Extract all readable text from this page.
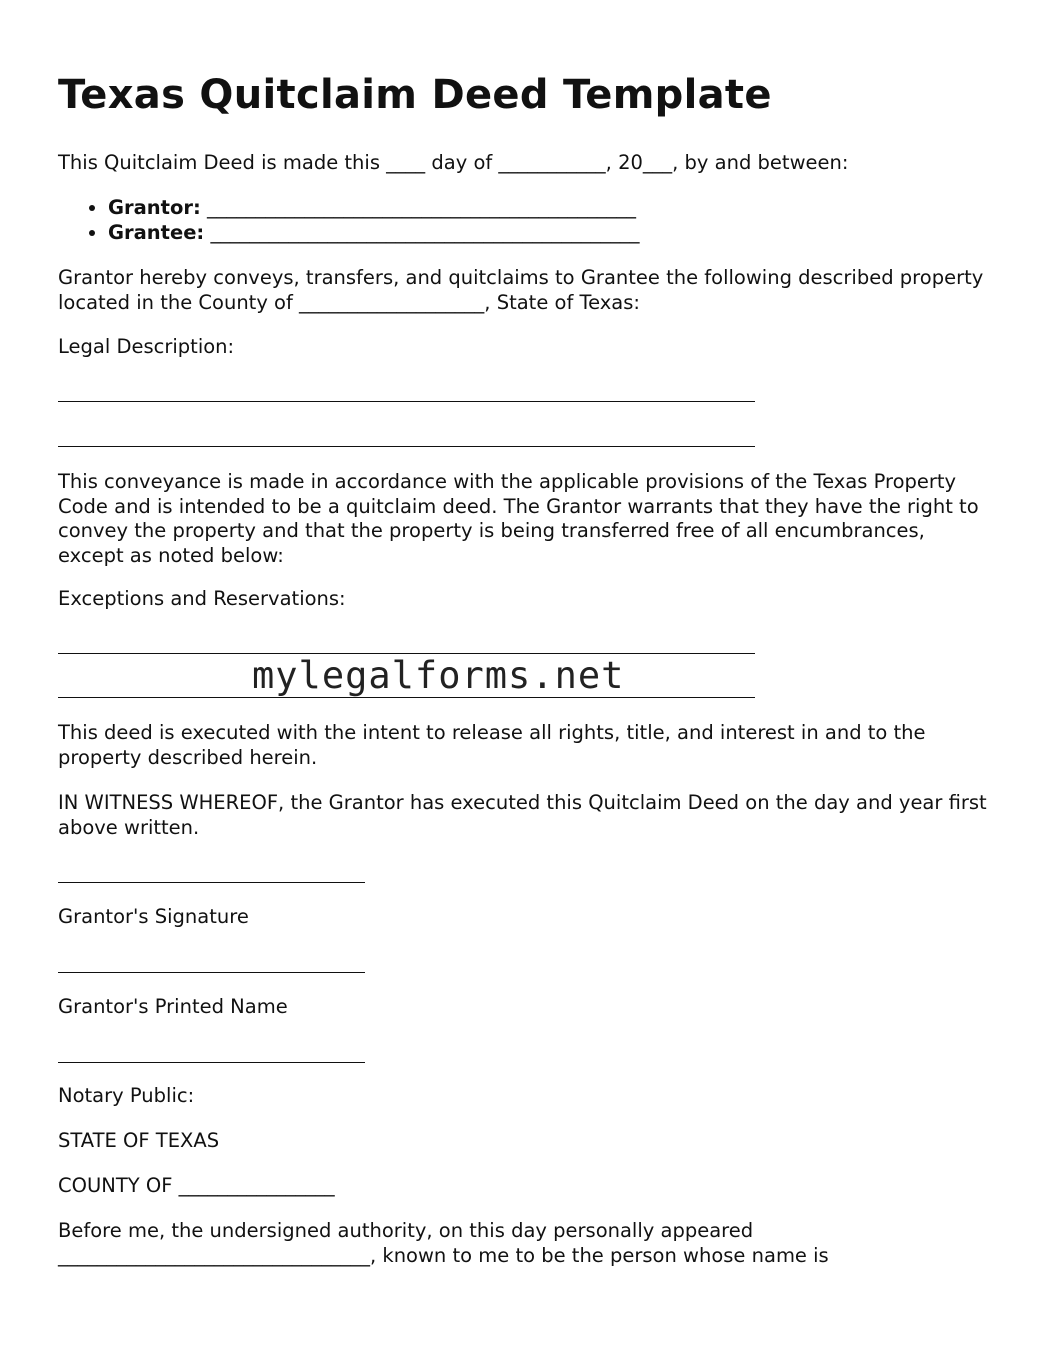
Texas Quitclaim Deed Template
This Quitclaim Deed is made this ____ day of ___________, 20___, by and between:
• Grantor: ____________________________________________
• Grantee: ____________________________________________

Grantor hereby conveys, transfers, and quitclaims to Grantee the following described property located in the County of ___________________, State of Texas:

Legal Description:

This conveyance is made in accordance with the applicable provisions of the Texas Property Code and is intended to be a quitclaim deed. The Grantor warrants that they have the right to convey the property and that the property is being transferred free of all encumbrances, except as noted below:

Exceptions and Reservations:

This deed is executed with the intent to release all rights, title, and interest in and to the property described herein.

IN WITNESS WHEREOF, the Grantor has executed this Quitclaim Deed on the day and year first above written.

Grantor's Signature
Grantor's Printed Name
Notary Public:
STATE OF TEXAS
COUNTY OF ________________

Before me, the undersigned authority, on this day personally appeared ________________________________, known to me to be the person whose name is

mylegalforms.net
